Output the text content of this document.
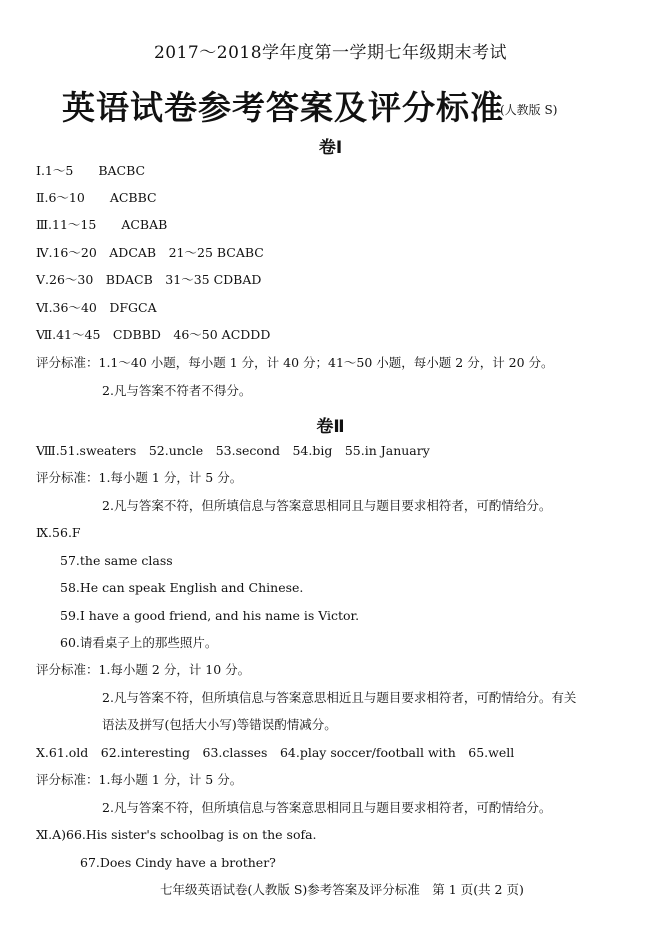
2017～2018学年度第一学期七年级期末考试
英语试卷参考答案及评分标准
(人教版 S)
卷Ⅰ
Ⅰ.1～5　　BACBC
Ⅱ.6～10　　ACBBC
Ⅲ.11～15　　ACBAB
Ⅳ.16～20　ADCAB　21～25 BCABC
Ⅴ.26～30　BDACB　31～35 CDBAD
Ⅵ.36～40　DFGCA
Ⅶ.41～45　CDBBD　46～50 ACDDD
评分标准：1.1～40 小题，每小题 1 分，计 40 分；41～50 小题，每小题 2 分，计 20 分。
2.凡与答案不符者不得分。
卷Ⅱ
Ⅷ.51.sweaters　52.uncle　53.second　54.big　55.in January
评分标准：1.每小题 1 分，计 5 分。
2.凡与答案不符，但所填信息与答案意思相同且与题目要求相符者，可酌情给分。
Ⅸ.56.F
57.the same class
58.He can speak English and Chinese.
59.I have a good friend, and his name is Victor.
60.请看桌子上的那些照片。
评分标准：1.每小题 2 分，计 10 分。
2.凡与答案不符，但所填信息与答案意思相近且与题目要求相符者，可酌情给分。有关
语法及拼写(包括大小写)等错误酌情减分。
Ⅹ.61.old　62.interesting　63.classes　64.play soccer/football with　65.well
评分标准：1.每小题 1 分，计 5 分。
2.凡与答案不符，但所填信息与答案意思相同且与题目要求相符者，可酌情给分。
Ⅺ.A)66.His sister's schoolbag is on the sofa.
67.Does Cindy have a brother?
七年级英语试卷(人教版 S)参考答案及评分标准　第 1 页(共 2 页)
